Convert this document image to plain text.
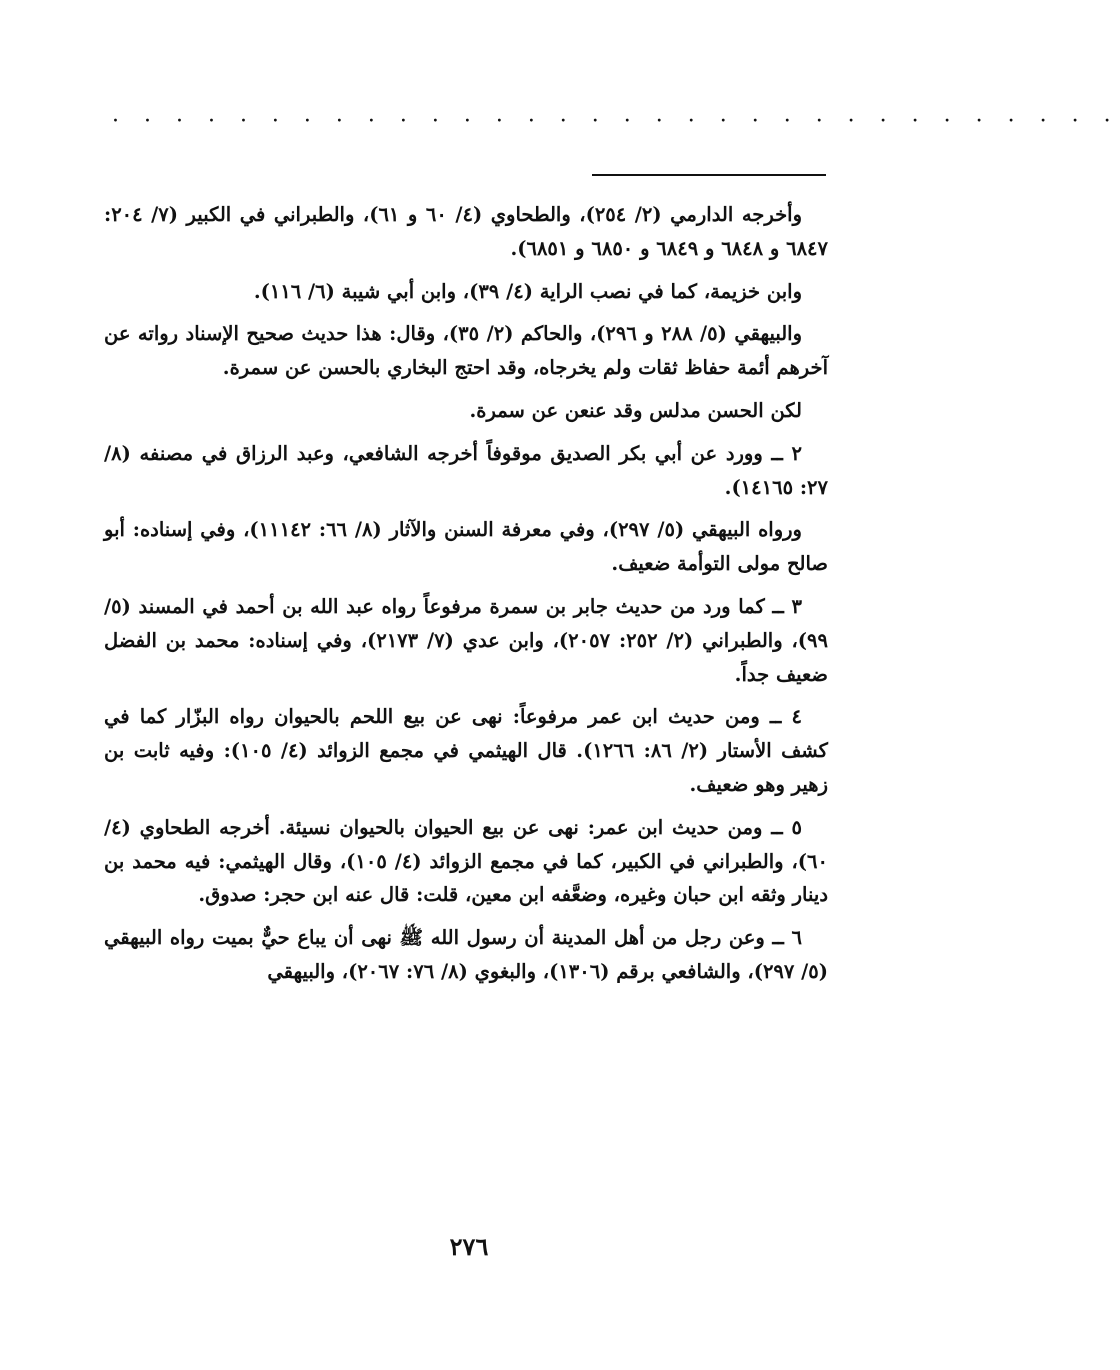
· · · · · · · · · · · · · · · · · · · · · · · · · · · · · · · ·

وأخرجه الدارمي (٢/ ٢٥٤)، والطحاوي (٤/ ٦٠ و ٦١)، والطبراني في الكبير (٧/ ٢٠٤: ٦٨٤٧ و ٦٨٤٨ و ٦٨٤٩ و ٦٨٥٠ و ٦٨٥١).

وابن خزيمة، كما في نصب الراية (٤/ ٣٩)، وابن أبي شيبة (٦/ ١١٦).

والبيهقي (٥/ ٢٨٨ و ٢٩٦)، والحاكم (٢/ ٣٥)، وقال: هذا حديث صحيح الإسناد رواته عن آخرهم أئمة حفاظ ثقات ولم يخرجاه، وقد احتج البخاري بالحسن عن سمرة.

لكن الحسن مدلس وقد عنعن عن سمرة.

٢ ــ وورد عن أبي بكر الصديق موقوفاً أخرجه الشافعي، وعبد الرزاق في مصنفه (٨/ ٢٧: ١٤١٦٥).

ورواه البيهقي (٥/ ٢٩٧)، وفي معرفة السنن والآثار (٨/ ٦٦: ١١١٤٢)، وفي إسناده: أبو صالح مولى التوأمة ضعيف.

٣ ــ كما ورد من حديث جابر بن سمرة مرفوعاً رواه عبد الله بن أحمد في المسند (٥/ ٩٩)، والطبراني (٢/ ٢٥٢: ٢٠٥٧)، وابن عدي (٧/ ٢١٧٣)، وفي إسناده: محمد بن الفضل ضعيف جداً.

٤ ــ ومن حديث ابن عمر مرفوعاً: نهى عن بيع اللحم بالحيوان رواه البزّار كما في كشف الأستار (٢/ ٨٦: ١٢٦٦). قال الهيثمي في مجمع الزوائد (٤/ ١٠٥): وفيه ثابت بن زهير وهو ضعيف.

٥ ــ ومن حديث ابن عمر: نهى عن بيع الحيوان بالحيوان نسيئة. أخرجه الطحاوي (٤/ ٦٠)، والطبراني في الكبير، كما في مجمع الزوائد (٤/ ١٠٥)، وقال الهيثمي: فيه محمد بن دينار وثقه ابن حبان وغيره، وضعَّفه ابن معين، قلت: قال عنه ابن حجر: صدوق.

٦ ــ وعن رجل من أهل المدينة أن رسول الله ﷺ نهى أن يباع حيٌّ بميت رواه البيهقي (٥/ ٢٩٧)، والشافعي برقم (١٣٠٦)، والبغوي (٨/ ٧٦: ٢٠٦٧)، والبيهقي

٢٧٦
